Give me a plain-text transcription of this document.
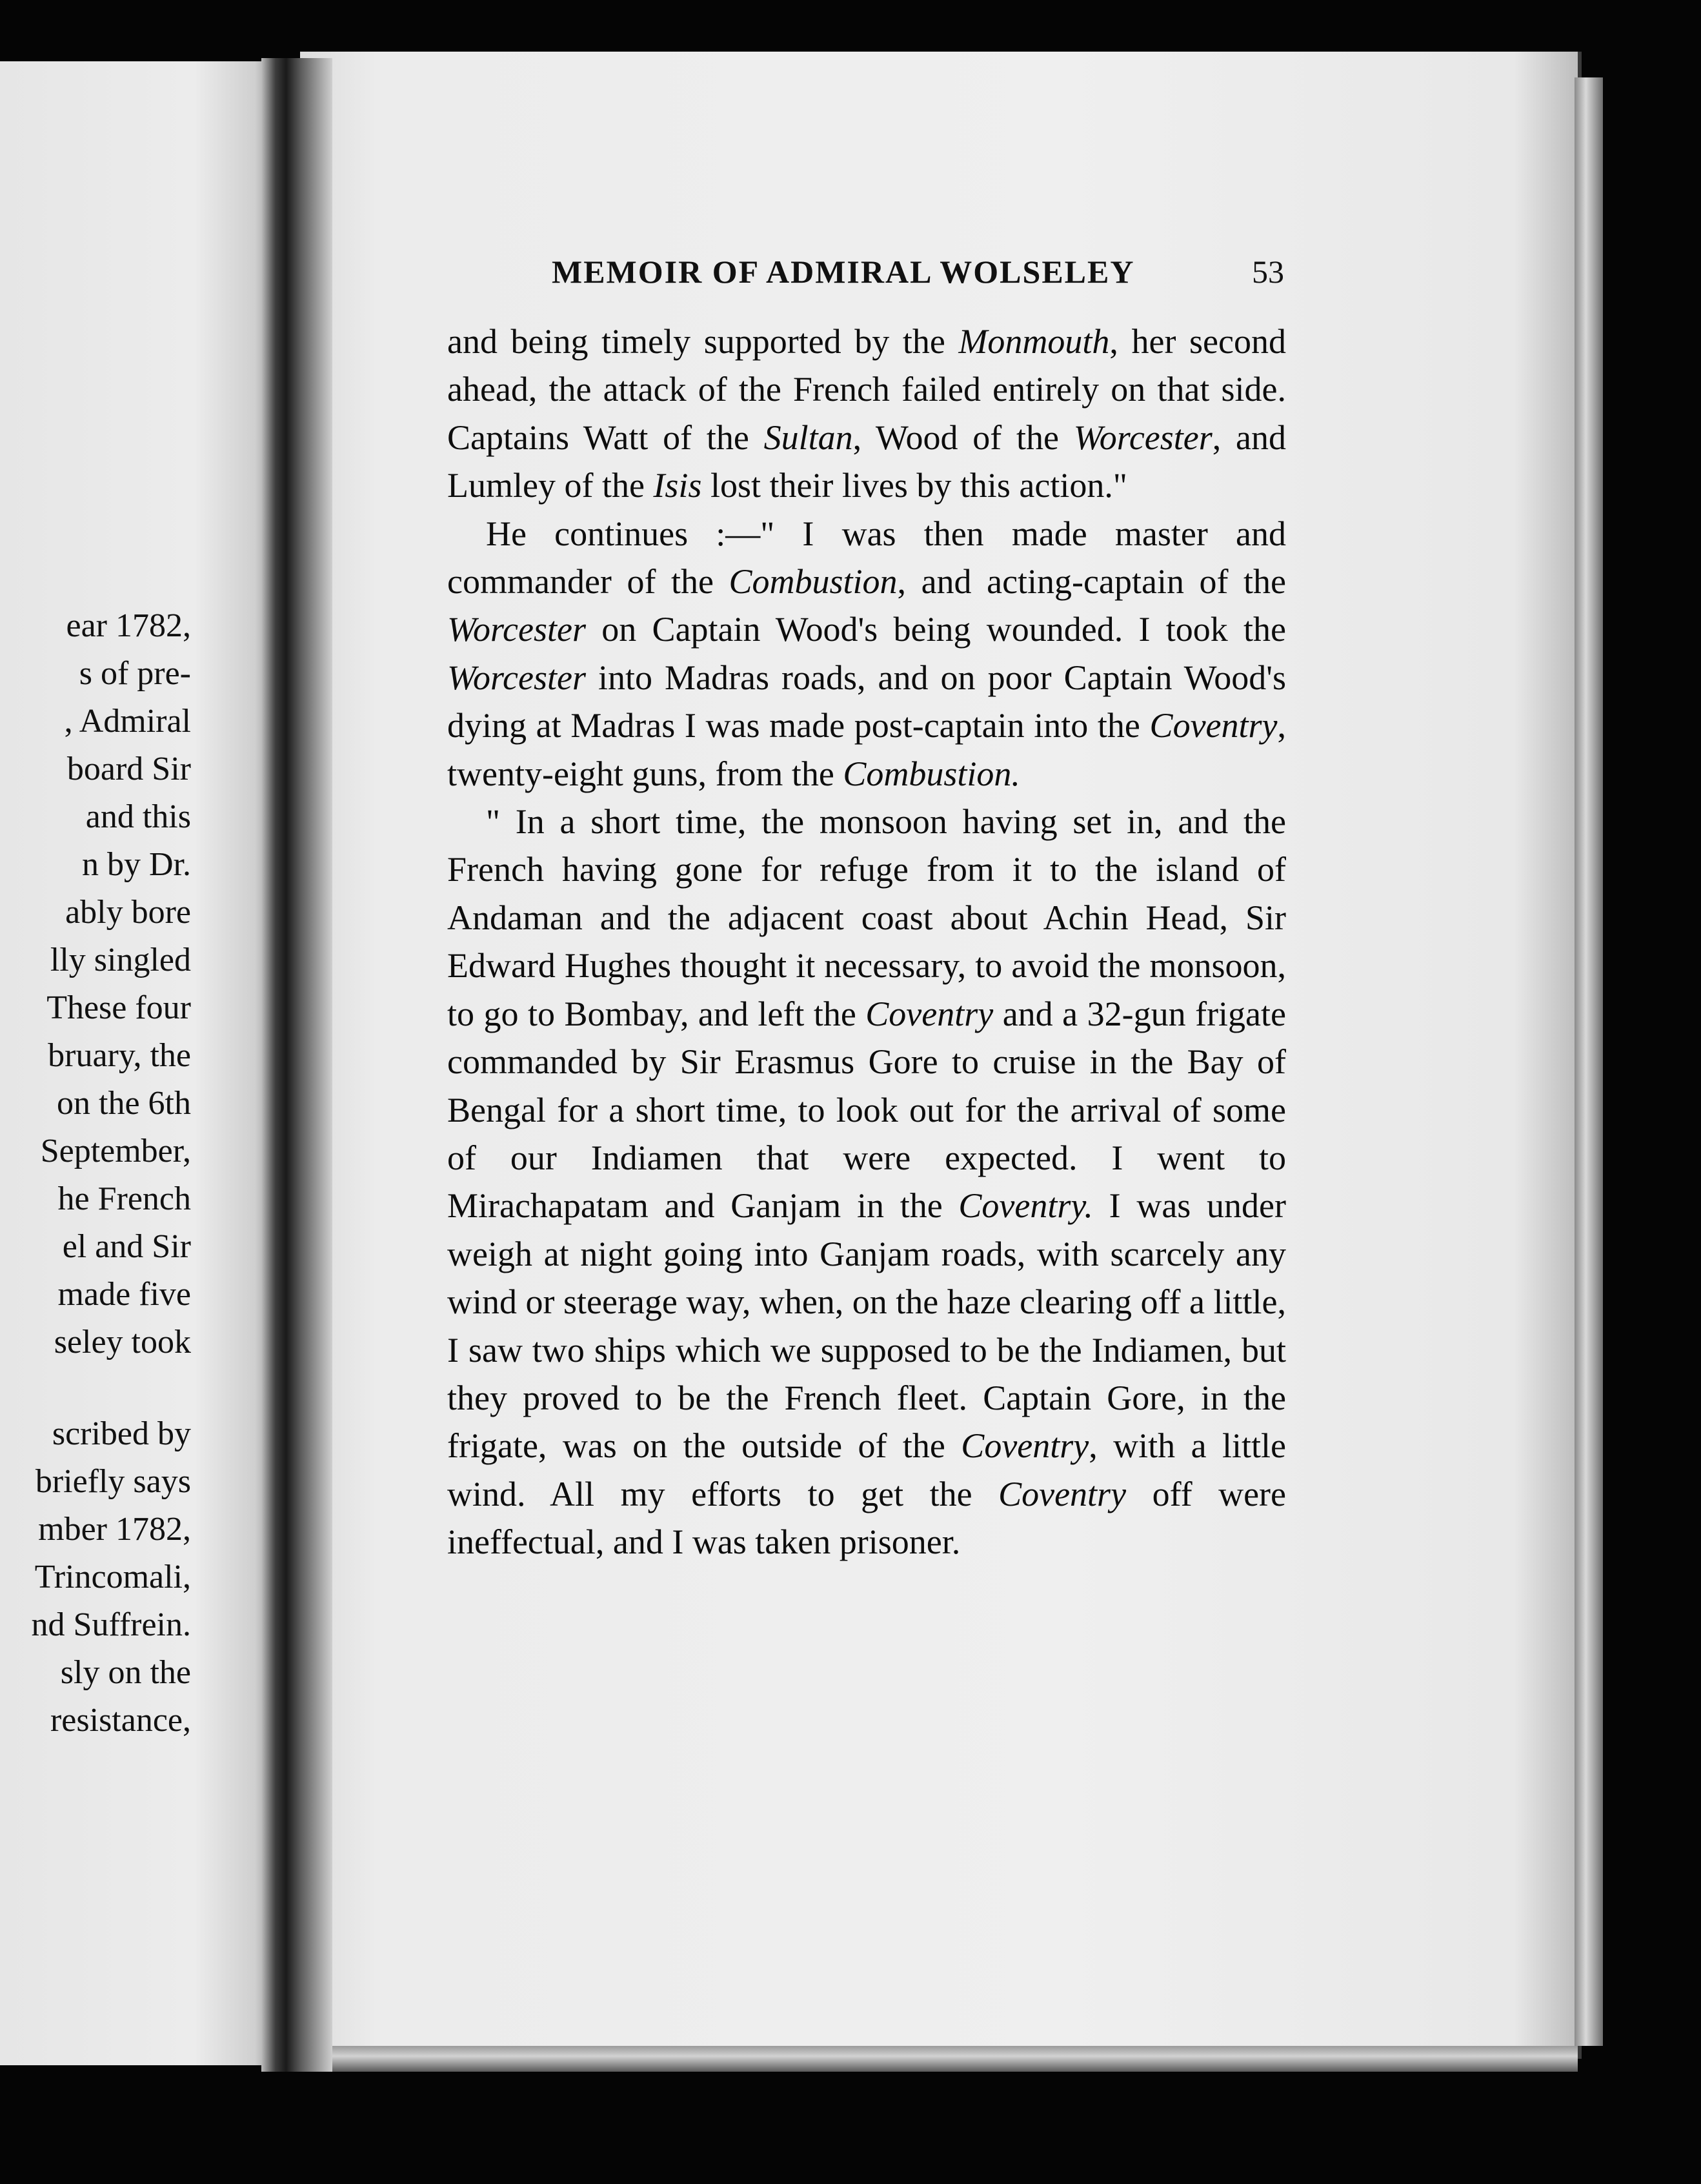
ear 1782,
s of pre-
, Admiral
board Sir
and this
n by Dr.
ably bore
lly singled
These four
bruary, the
on the 6th
September,
he French
el and Sir
made five
seley took
scribed by
briefly says
mber 1782,
Trincomali,
nd Suffrein.
sly on the
resistance,
MEMOIR OF ADMIRAL WOLSELEY	53

and being timely supported by the Monmouth, her second ahead, the attack of the French failed entirely on that side. Captains Watt of the Sultan, Wood of the Worcester, and Lumley of the Isis lost their lives by this action."

He continues :—" I was then made master and commander of the Combustion, and acting-captain of the Worcester on Captain Wood's being wounded. I took the Worcester into Madras roads, and on poor Captain Wood's dying at Madras I was made post-captain into the Coventry, twenty-eight guns, from the Combustion.

" In a short time, the monsoon having set in, and the French having gone for refuge from it to the island of Andaman and the adjacent coast about Achin Head, Sir Edward Hughes thought it necessary, to avoid the monsoon, to go to Bombay, and left the Coventry and a 32-gun frigate commanded by Sir Erasmus Gore to cruise in the Bay of Bengal for a short time, to look out for the arrival of some of our Indiamen that were expected. I went to Mirachapatam and Ganjam in the Coventry. I was under weigh at night going into Ganjam roads, with scarcely any wind or steerage way, when, on the haze clearing off a little, I saw two ships which we supposed to be the Indiamen, but they proved to be the French fleet. Captain Gore, in the frigate, was on the outside of the Coventry, with a little wind. All my efforts to get the Coventry off were ineffectual, and I was taken prisoner.
